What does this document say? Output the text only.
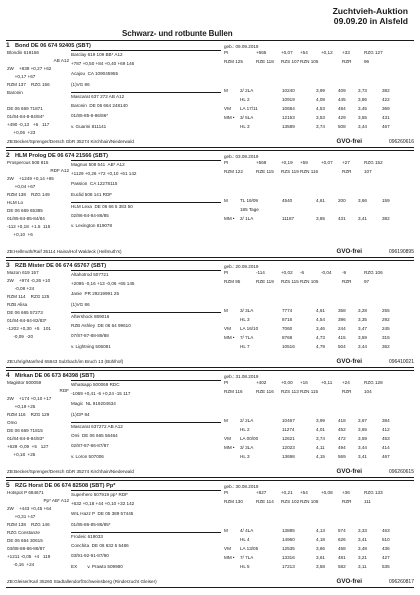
Zuchtvieh-Auktion
09.09.20 in Alsfeld
Schwarz- und rotbunte Bullen
1 Bond DE 06 674 92405 (SBT)	geb.: 09.09.2019
Blondin 619156
AB A12
2W    +839 +0,27 +62
+0,17 +67
RZM 137    RZG 156
Baronin
DE 06 669 71871
01/84-84-8-84/84*
+490 -0,13   +6   117
+0,06  +23
Barclay 619 109 BB* A12
+787 +0,50 +84 +0,40 +69 146
Acajou  CA 109045955
(1)VG 86
Mascarat 637 272 AB A12
Baronin  DE 06 664 248140
01/85-85-8-86/86*
v. Guarini 811141
PI	+665	+0,07 +54	+0,12 +33	RZG 127
RZM 125	RZE 118 RZS 107 RZN 105	RZR	96
M	2/ 2LA	10240	3,99	409	3,73	382
HL 2	10919	4,08	445	3,86	422
VM LA 17/11	10684	4,53	484	3,45	369
MM • 3/ 5LA	12153	3,53	429	3,55	431
HL 3	13589	3,74	508	3,44	467
ZB:Becker/Sprenger/Dersch GbR 35274 Kirchhain/Niederwald	GVO-frei	096260616
2 HLM Prolog DE 06 674 21566 (SBT)	geb.: 03.09.2019
Prosperous 508 815
RDF A12
2W    +1249 +0,14 +65
+0,04 +67
RZM 138    RZG 149
HLM Lo
DE 06 669 65385
01/85-84-85-84/84
-112 +0,18  +1.5  115
+0,10  +6
Magnus 508 541  AB* A12
+1129 +0,26 +72 +0,10 +61 142
Passion  CA 12278115
Euclid 508 141 RDF
HLM Lexa  DE 06 66 5 383 50
02/86-84-84-86/85
v. Lexington 619078
PI	+569	+0,19 +59	+0,07 +27	RZG 152
RZM 122	RZE 115 RZS 119 RZN 116	RZR	107
M	TL 19/09	4540	4,61	200	3,66	159
185 Tage
MM • 2/ 1LA	11187	3,85	431	3,41	382
ZB:Hellmuth/Raif 35114 Haina/Hof Waldeck (Hellmuth's)	GVO-frei	096190895
3 RZB Mister DE 06 674 65767 (SBT)	geb.: 20.09.2019
Mazon 619 157
2W    +974 -0,26 +10
-0,08 +24
RZM 114    RZG 125
RZB Alisa
DE 06 665 57273
01/84-84-84-82/83*
-1202 +0,30  +5   101
-0,09  -20
Altahotrod 507721
+2095 -0,16 +13 -0,06 +65 145
Janie  PR 29219991 25
(1)VG 86
Aftershock 889016
RZB Ashley  DE 06 64 99610
07/87-87-88-89/88
v. Lightning 506081
PI	-114	+0,02 -6	-0,04 -9	RZG 106
RZM 95	RZE 119 RZS 115 RZN 105	RZR	97
M	3/ 3LA	7774	4,61	358	3,28	255
HL 3	8716	4,54	396	3,35	292
VM LA 16/10	7060	3,46	244	3,47	245
MM • 7/ 7LA	8768	4,73	415	3,59	315
HL 7	10516	4,79	504	3,44	362
ZB:Uhrig/Manfred 65843 Sulzbach/im Bruch 13 (Bühlhof)	GVO-frei	096410021
4 Mirkan DE 06 673 84398 (SBT)	geb.: 31.08.2019
Magistor 500059
RDF
2W    +174 +0,10 +17
+0,19 +25
RZM 116    RZG 129
Omo
DE 06 669 71815
01/84-84-8-84/83*
+629 -0,09  +5   127
+0,18  +25
Whatsapp 500069 RDC
-1069 +0,41 -6 +0,24 -15 117
Magic  NL 919204634
(1)GP 84
Mascarat 637272 AB A12
Omi  DE 06 665 56464
02/87-87-86-87/87
v. Loron 507006
PI	+402	+0,00 +16	+0,11 +24	RZG 128
RZM 116	RZE 116 RZS 113 RZN 115	RZR	104
M	2/ 2LA	10467	3,99	418	3,67	384
HL 2	11274	4,01	452	3,65	412
VM LA 00/00	12621	3,74	472	3,59	453
MM • 3/ 3LA	12023	4,11	494	3,44	414
HL 3	13698	4,15	569	3,41	467
ZB:Becker/Sprenger/Dersch GbR 35274 Kirchhain/Niederwald	GVO-frei	096260615
5 RZG Horst DE 06 674 82508 (SBT) Pp*	geb.: 30.08.2019
Hotspot P 684671
Pp* AB* A12
2W    +443 +0,45 +64
+0,31 +47
RZM 138    RZG 146
RZG Constanze
DE 06 664 30615
03/88-88-86-88/87
+1211 -0,05  +4   119
-0,16  +24
Superhero 507919 pp* RDF
+632 +0,18 +44 +0,10 +32 142
WIL Hazz P  DE 05 389 57445
01/85-86-85-86/85*
Frodeic 619033
Conchita  DE 06 632 5 5486
03/91-92-91-87/90
EX        v. Prawto 509980
PI	+827	+0,21 +54	+0,08 +36	RZG 133
RZM 130	RZE 114 RZS 102 RZN 108	RZR	111
M	4/ 4LA	13885	4,13	574	3,33	463
HL 4	14960	4,18	626	3,41	510
VM LA 13/05	12535	3,66	458	3,48	436
MM • 7/ 7LA	13316	3,61	481	3,21	427
HL 5	17213	3,58	582	3,11	535
ZB:Gleiser/Karl 35260 Stadtallendorf/Schweinsberg (Rinderzucht Gleiser)	GVO-frei	096260817
